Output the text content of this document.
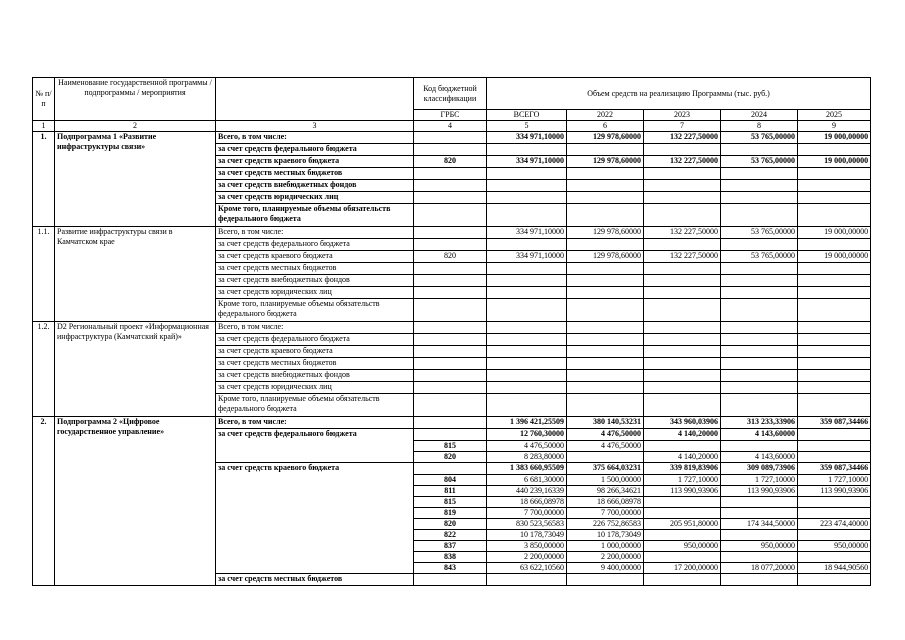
№ п/п	Наименование государственной программы / подпрограммы / мероприятия		Код бюджетной классификации	Объем средств на реализацию Программы (тыс. руб.)				
			ГРБС	ВСЕГО	2022	2023	2024	2025
1	2	3	4	5	6	7	8	9
1.	Подпрограмма 1 «Развитие инфраструктуры связи»	Всего, в том числе:		334 971,10000	129 978,60000	132 227,50000	53 765,00000	19 000,00000
		за счет средств федерального бюджета						
		за счет средств краевого бюджета	820	334 971,10000	129 978,60000	132 227,50000	53 765,00000	19 000,00000
		за счет средств местных бюджетов						
		за счет средств внебюджетных фондов						
		за счет средств юридических лиц						
		Кроме того, планируемые объемы обязательств федерального бюджета						
1.1.	Развитие инфраструктуры связи в Камчатском крае	Всего, в том числе:		334 971,10000	129 978,60000	132 227,50000	53 765,00000	19 000,00000
		за счет средств федерального бюджета						
		за счет средств краевого бюджета	820	334 971,10000	129 978,60000	132 227,50000	53 765,00000	19 000,00000
		за счет средств местных бюджетов						
		за счет средств внебюджетных фондов						
		за счет средств юридических лиц						
		Кроме того, планируемые объемы обязательств федерального бюджета						
1.2.	D2 Региональный проект «Информационная инфраструктура (Камчатский край)»	Всего, в том числе:						
		за счет средств федерального бюджета						
		за счет средств краевого бюджета						
		за счет средств местных бюджетов						
		за счет средств внебюджетных фондов						
		за счет средств юридических лиц						
		Кроме того, планируемые объемы обязательств федерального бюджета						
2.	Подпрограмма 2 «Цифровое государственное управление»	Всего, в том числе:		1 396 421,25509	380 140,53231	343 960,03906	313 233,33906	359 087,34466
		за счет средств федерального бюджета		12 760,30000	4 476,50000	4 140,20000	4 143,60000	
			815	4 476,50000	4 476,50000			
			820	8 283,80000		4 140,20000	4 143,60000	
		за счет средств краевого бюджета		1 383 660,95509	375 664,03231	339 819,83906	309 089,73906	359 087,34466
			804	6 681,30000	1 500,00000	1 727,10000	1 727,10000	1 727,10000
			811	440 239,16339	98 266,34621	113 990,93906	113 990,93906	113 990,93906
			815	18 666,08978	18 666,08978			
			819	7 700,00000	7 700,00000			
			820	830 523,56583	226 752,86583	205 951,80000	174 344,50000	223 474,40000
			822	10 178,73049	10 178,73049			
			837	3 850,00000	1 000,00000	950,00000	950,00000	950,00000
			838	2 200,00000	2 200,00000			
			843	63 622,10560	9 400,00000	17 200,00000	18 077,20000	18 944,90560
		за счет средств местных бюджетов						
